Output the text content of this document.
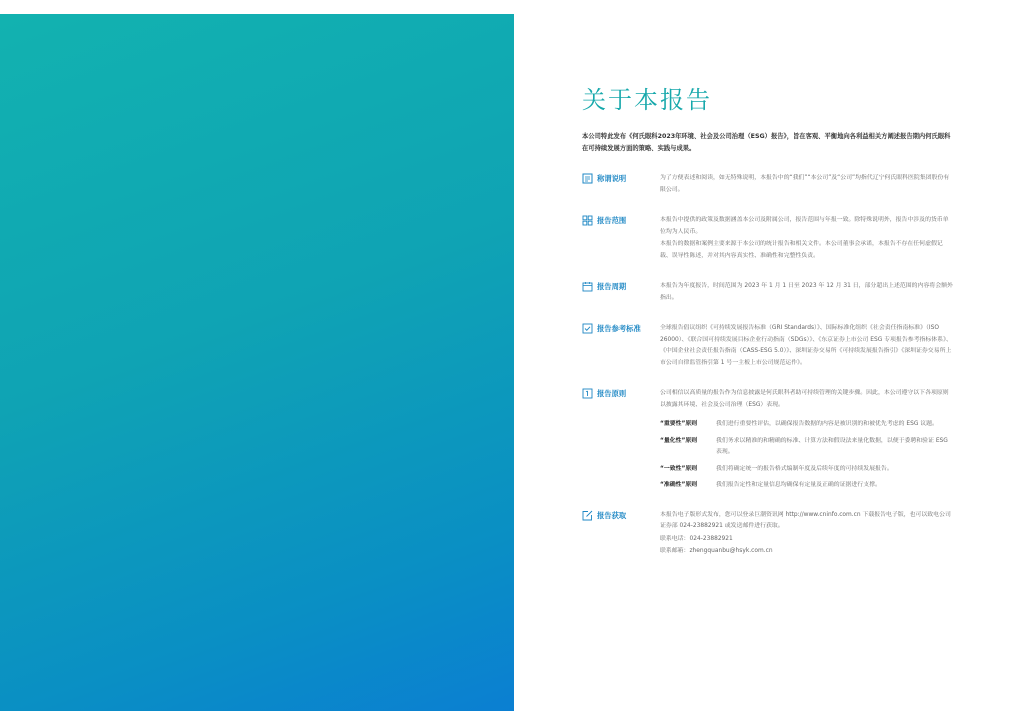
关于本报告
本公司特此发布《何氏眼科2023年环境、社会及公司治理（ESG）报告》，旨在客观、平衡地向各利益相关方阐述报告期内何氏眼科在可持续发展方面的策略、实践与成果。
称谓说明	为了方便表述和阅读，如无特殊说明，本报告中的“我们”“本公司”及“公司”均指代辽宁何氏眼科医院集团股份有限公司。

报告范围	本报告中提供的政策及数据涵盖本公司及附属公司，报告范围与年报一致。除特殊说明外，报告中涉及的货币单位均为人民币。

本报告的数据和案例主要来源于本公司的统计报告和相关文件。本公司董事会承诺，本报告不存在任何虚假记载、误导性陈述，并对其内容真实性、准确性和完整性负责。

报告周期	本报告为年度报告，时间范围为 2023 年 1 月 1 日至 2023 年 12 月 31 日，部分超出上述范围的内容将会额外指出。

报告参考标准	全球报告倡议组织《可持续发展报告标准（GRI Standards）》、国际标准化组织《社会责任指南标准》（ISO 26000）、《联合国可持续发展目标企业行动指南（SDGs）》、《东京证券上市公司 ESG 专项报告参考指标体系》、《中国企业社会责任报告指南（CASS-ESG 5.0）》、深圳证券交易所《可持续发展报告指引》《深圳证券交易所上市公司自律监管指引第 1 号一主板上市公司规范运作》。

报告原则	公司相信以高质量的报告作为信息披露是何氏眼科者助可持续管理的关键步骤。因此，本公司遵守以下各项原则以披露其环境、社会及公司治理（ESG）表现。

“重要性”原则	我们进行重要性评估，以确保报告数据的内容是被识别的和被优先考虑的 ESG 议题。
“量化性”原则	我们务求以精准的和精确的标准、计算方法和假设法来量化数据，以便于委聘和验证 ESG 表现。
“一致性”原则	我们将确定统一的报告格式编制年度及后续年度的可持续发展报告。
“准确性”原则	我们报告定性和定量信息均确保有定量及正确的证据进行支撑。
报告获取	本报告电子版形式发布，您可以登录巨潮资讯网 http://www.cninfo.com.cn 下载报告电子版，也可以致电公司证券部 024-23882921 或发送邮件进行获取。

联系电话：024-23882921

联系邮箱：zhengquanbu@hsyk.com.cn
